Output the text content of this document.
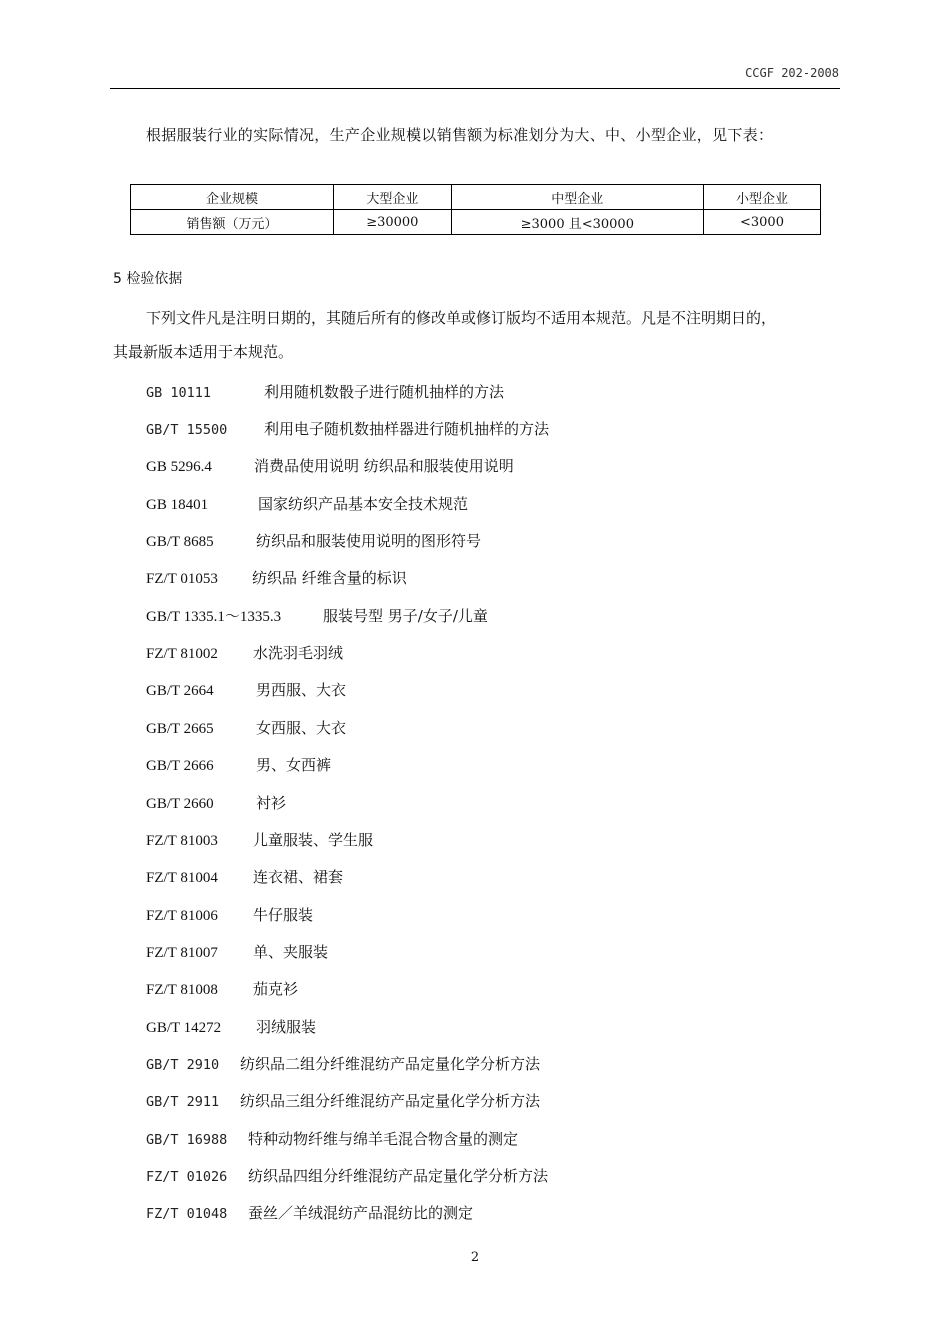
CCGF 202-2008
根据服装行业的实际情况，生产企业规模以销售额为标准划分为大、中、小型企业，见下表：
企业规模	大型企业	中型企业	小型企业
销售额（万元）	≥30000	≥3000 且<30000	<3000
5 检验依据
下列文件凡是注明日期的，其随后所有的修改单或修订版均不适用本规范。凡是不注明期日的，
其最新版本适用于本规范。
GB 10111	利用随机数骰子进行随机抽样的方法
GB/T 15500 利用电子随机数抽样器进行随机抽样的方法
GB 5296.4	消费品使用说明 纺织品和服装使用说明
GB 18401	国家纺织产品基本安全技术规范
GB/T 8685	纺织品和服装使用说明的图形符号
FZ/T 01053 纺织品 纤维含量的标识
GB/T 1335.1～1335.3	服装号型 男子/女子/儿童
FZ/T 81002 水洗羽毛羽绒
GB/T 2664	男西服、大衣
GB/T 2665	女西服、大衣
GB/T 2666	男、女西裤
GB/T 2660	衬衫
FZ/T 81003 儿童服装、学生服
FZ/T 81004 连衣裙、裙套
FZ/T 81006 牛仔服装
FZ/T 81007 单、夹服装
FZ/T 81008 茄克衫
GB/T 14272 羽绒服装
GB/T 2910 纺织品二组分纤维混纺产品定量化学分析方法
GB/T 2911 纺织品三组分纤维混纺产品定量化学分析方法
GB/T 16988 特种动物纤维与绵羊毛混合物含量的测定
FZ/T 01026 纺织品四组分纤维混纺产品定量化学分析方法
FZ/T 01048 蚕丝／羊绒混纺产品混纺比的测定
2
